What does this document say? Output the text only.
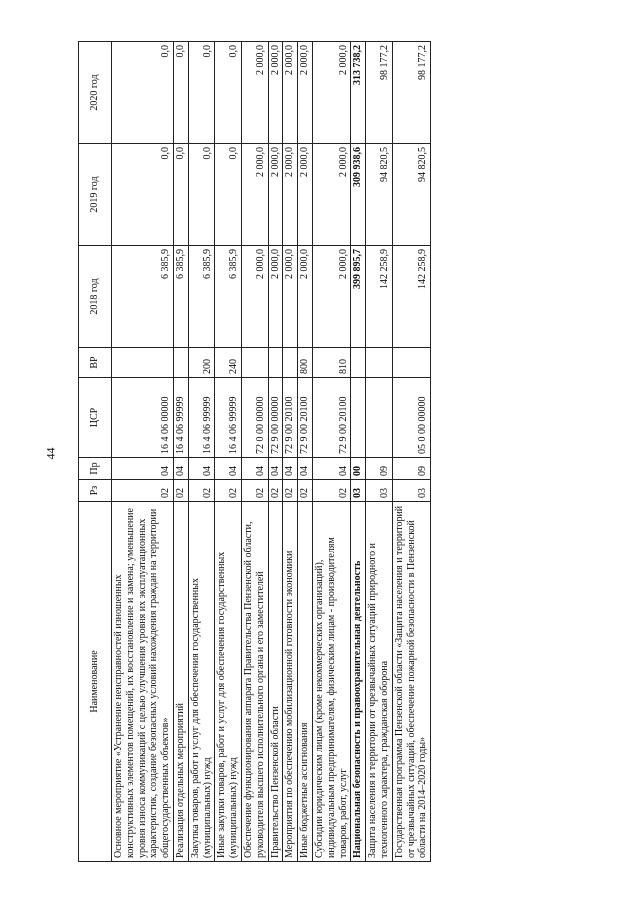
44
Наименование	Рз	Пр	ЦСР	ВР	2018 год	2019 год	2020 год
Основное мероприятие «Устранение неисправностей изношенных конструктивных элементов помещений, их восстановление и замена; уменьшение уровня износа коммуникаций с целью улучшения уровня их эксплуатационных характеристик, создание безопасных условий нахождения граждан на территории общегосударственных объектов»	02	04	16 4 06 00000		6 385,9	0,0	0,0
Реализация отдельных мероприятий	02	04	16 4 06 99999		6 385,9	0,0	0,0
Закупка товаров, работ и услуг для обеспечения государственных (муниципальных) нужд	02	04	16 4 06 99999	200	6 385,9	0,0	0,0
Иные закупки товаров, работ и услуг для обеспечения государственных (муниципальных) нужд	02	04	16 4 06 99999	240	6 385,9	0,0	0,0
Обеспечение функционирования аппарата Правительства Пензенской области, руководителя высшего исполнительного органа и его заместителей	02	04	72 0 00 00000		2 000,0	2 000,0	2 000,0
Правительство Пензенской области	02	04	72 9 00 00000		2 000,0	2 000,0	2 000,0
Мероприятия по обеспечению мобилизационной готовности экономики	02	04	72 9 00 20100		2 000,0	2 000,0	2 000,0
Иные бюджетные ассигнования	02	04	72 9 00 20100	800	2 000,0	2 000,0	2 000,0
Субсидии юридическим лицам (кроме некоммерческих организаций), индивидуальным предпринимателям, физическим лицам - производителям товаров, работ, услуг	02	04	72 9 00 20100	810	2 000,0	2 000,0	2 000,0
Национальная безопасность и правоохранительная деятельность	03	00			399 895,7	309 938,6	313 738,2
Защита населения и территории от чрезвычайных ситуаций природного и техногенного характера, гражданская оборона	03	09			142 258,9	94 820,5	98 177,2
Государственная программа Пензенской области «Защита населения и территорий от чрезвычайных ситуаций, обеспечение пожарной безопасности в Пензенской области на 2014–2020 годы»	03	09	05 0 00 00000		142 258,9	94 820,5	98 177,2
